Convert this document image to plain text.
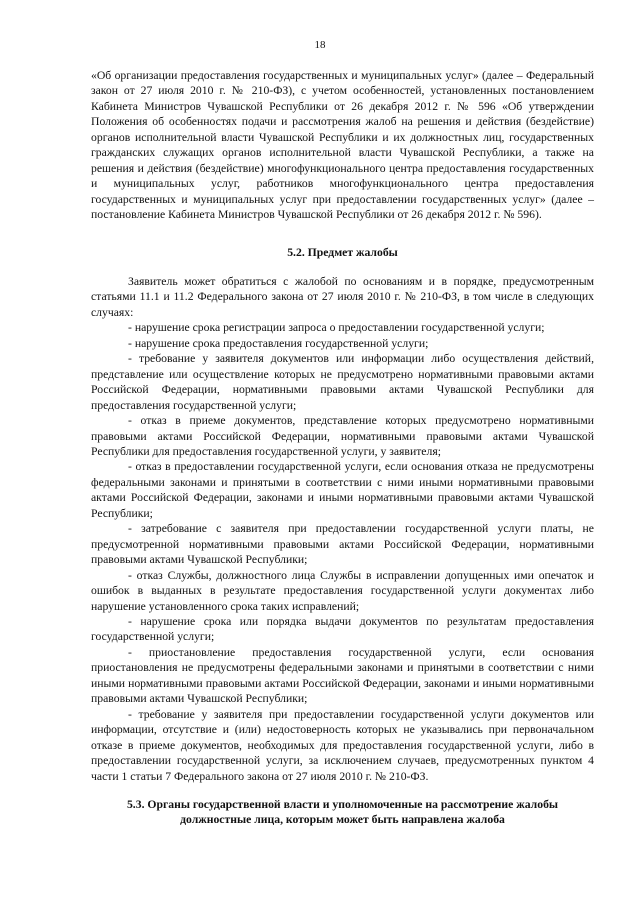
18

«Об организации предоставления государственных и муниципальных услуг» (далее – Федеральный закон от 27 июля 2010 г. № 210-ФЗ), с учетом особенностей, установленных постановлением Кабинета Министров Чувашской Республики от 26 декабря 2012 г. № 596 «Об утверждении Положения об особенностях подачи и рассмотрения жалоб на решения и действия (бездействие) органов исполнительной власти Чувашской Республики и их должностных лиц, государственных гражданских служащих органов исполнительной власти Чувашской Республики, а также на решения и действия (бездействие) многофункционального центра предоставления государственных и муниципальных услуг, работников многофункционального центра предоставления государственных и муниципальных услуг при предоставлении государственных услуг» (далее – постановление Кабинета Министров Чувашской Республики от 26 декабря 2012 г. № 596).

5.2. Предмет жалобы

Заявитель может обратиться с жалобой по основаниям и в порядке, предусмотренным статьями 11.1 и 11.2 Федерального закона от 27 июля 2010 г. № 210-ФЗ, в том числе в следующих случаях:

- нарушение срока регистрации запроса о предоставлении государственной услуги;

- нарушение срока предоставления государственной услуги;

- требование у заявителя документов или информации либо осуществления действий, представление или осуществление которых не предусмотрено нормативными правовыми актами Российской Федерации, нормативными правовыми актами Чувашской Республики для предоставления государственной услуги;

- отказ в приеме документов, представление которых предусмотрено нормативными правовыми актами Российской Федерации, нормативными правовыми актами Чувашской Республики для предоставления государственной услуги, у заявителя;

- отказ в предоставлении государственной услуги, если основания отказа не предусмотрены федеральными законами и принятыми в соответствии с ними иными нормативными правовыми актами Российской Федерации, законами и иными нормативными правовыми актами Чувашской Республики;

- затребование с заявителя при предоставлении государственной услуги платы, не предусмотренной нормативными правовыми актами Российской Федерации, нормативными правовыми актами Чувашской Республики;

- отказ Службы, должностного лица Службы в исправлении допущенных ими опечаток и ошибок в выданных в результате предоставления государственной услуги документах либо нарушение установленного срока таких исправлений;

- нарушение срока или порядка выдачи документов по результатам предоставления государственной услуги;

- приостановление предоставления государственной услуги, если основания приостановления не предусмотрены федеральными законами и принятыми в соответствии с ними иными нормативными правовыми актами Российской Федерации, законами и иными нормативными правовыми актами Чувашской Республики;

- требование у заявителя при предоставлении государственной услуги документов или информации, отсутствие и (или) недостоверность которых не указывались при первоначальном отказе в приеме документов, необходимых для предоставления государственной услуги, либо в предоставлении государственной услуги, за исключением случаев, предусмотренных пунктом 4 части 1 статьи 7 Федерального закона от 27 июля 2010 г. № 210-ФЗ.

5.3. Органы государственной власти и уполномоченные на рассмотрение жалобы
должностные лица, которым может быть направлена жалоба
